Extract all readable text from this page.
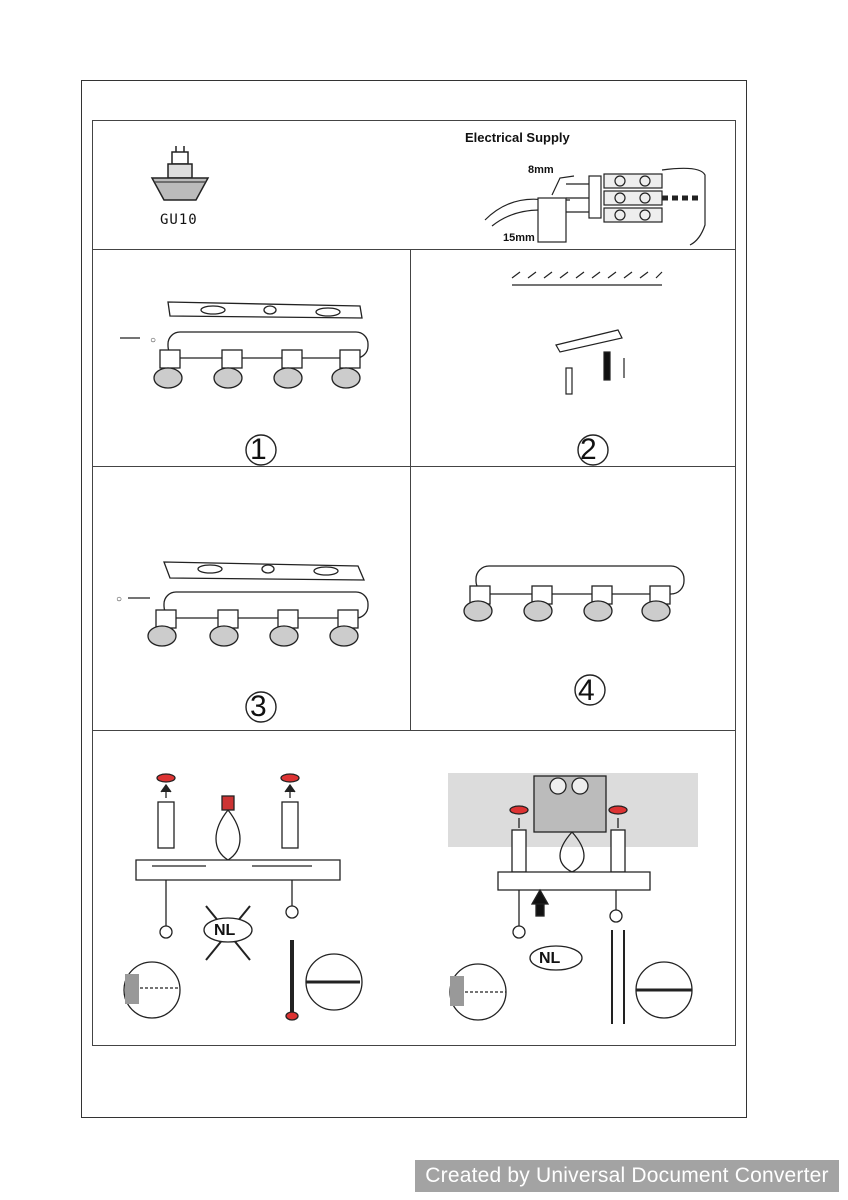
○
○
GU10
Electrical Supply
8mm
15mm
1	2
3	4
NL
NL
Created by Universal Document Converter
